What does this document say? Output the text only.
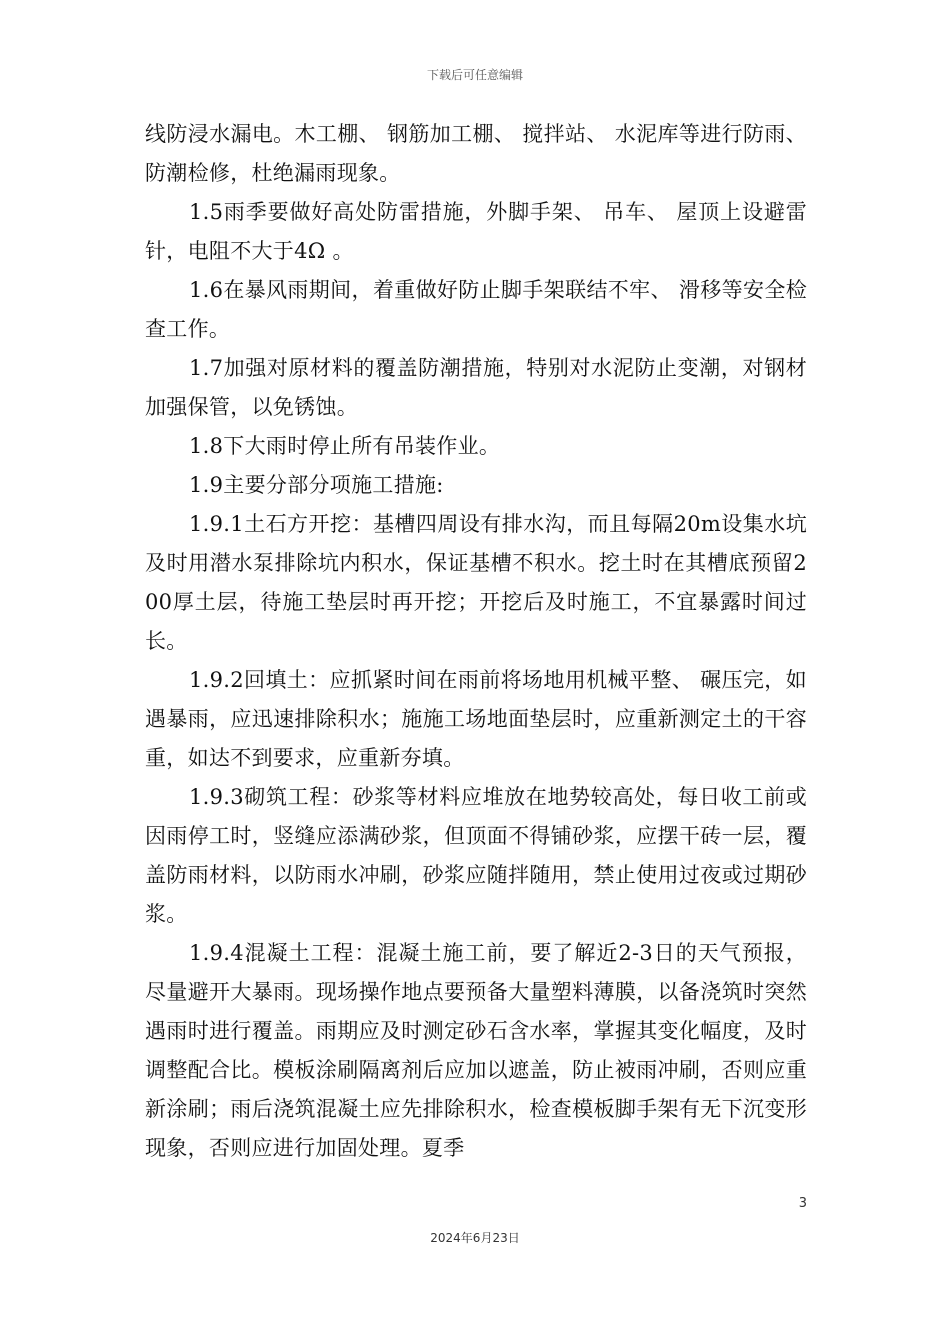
下载后可任意编辑

线防浸水漏电。木工棚、 钢筋加工棚、 搅拌站、 水泥库等进行防雨、 防潮检修，杜绝漏雨现象。

1.5雨季要做好高处防雷措施，外脚手架、 吊车、 屋顶上设避雷针，电阻不大于4Ω 。

1.6在暴风雨期间，着重做好防止脚手架联结不牢、 滑移等安全检查工作。

1.7加强对原材料的覆盖防潮措施，特别对水泥防止变潮，对钢材加强保管，以免锈蚀。

1.8下大雨时停止所有吊装作业。

1.9主要分部分项施工措施:

1.9.1土石方开挖：基槽四周设有排水沟，而且每隔20m设集水坑及时用潜水泵排除坑内积水，保证基槽不积水。挖土时在其槽底预留200厚土层，待施工垫层时再开挖；开挖后及时施工，不宜暴露时间过长。

1.9.2回填土：应抓紧时间在雨前将场地用机械平整、 碾压完，如遇暴雨，应迅速排除积水；施施工场地面垫层时，应重新测定土的干容重，如达不到要求，应重新夯填。

1.9.3砌筑工程：砂浆等材料应堆放在地势较高处，每日收工前或因雨停工时，竖缝应添满砂浆，但顶面不得铺砂浆，应摆干砖一层，覆盖防雨材料，以防雨水冲刷，砂浆应随拌随用，禁止使用过夜或过期砂浆。

1.9.4混凝土工程：混凝土施工前，要了解近2-3日的天气预报，尽量避开大暴雨。现场操作地点要预备大量塑料薄膜，以备浇筑时突然遇雨时进行覆盖。雨期应及时测定砂石含水率，掌握其变化幅度，及时调整配合比。模板涂刷隔离剂后应加以遮盖，防止被雨冲刷，否则应重新涂刷；雨后浇筑混凝土应先排除积水，检查模板脚手架有无下沉变形现象，否则应进行加固处理。夏季

3
2024年6月23日
